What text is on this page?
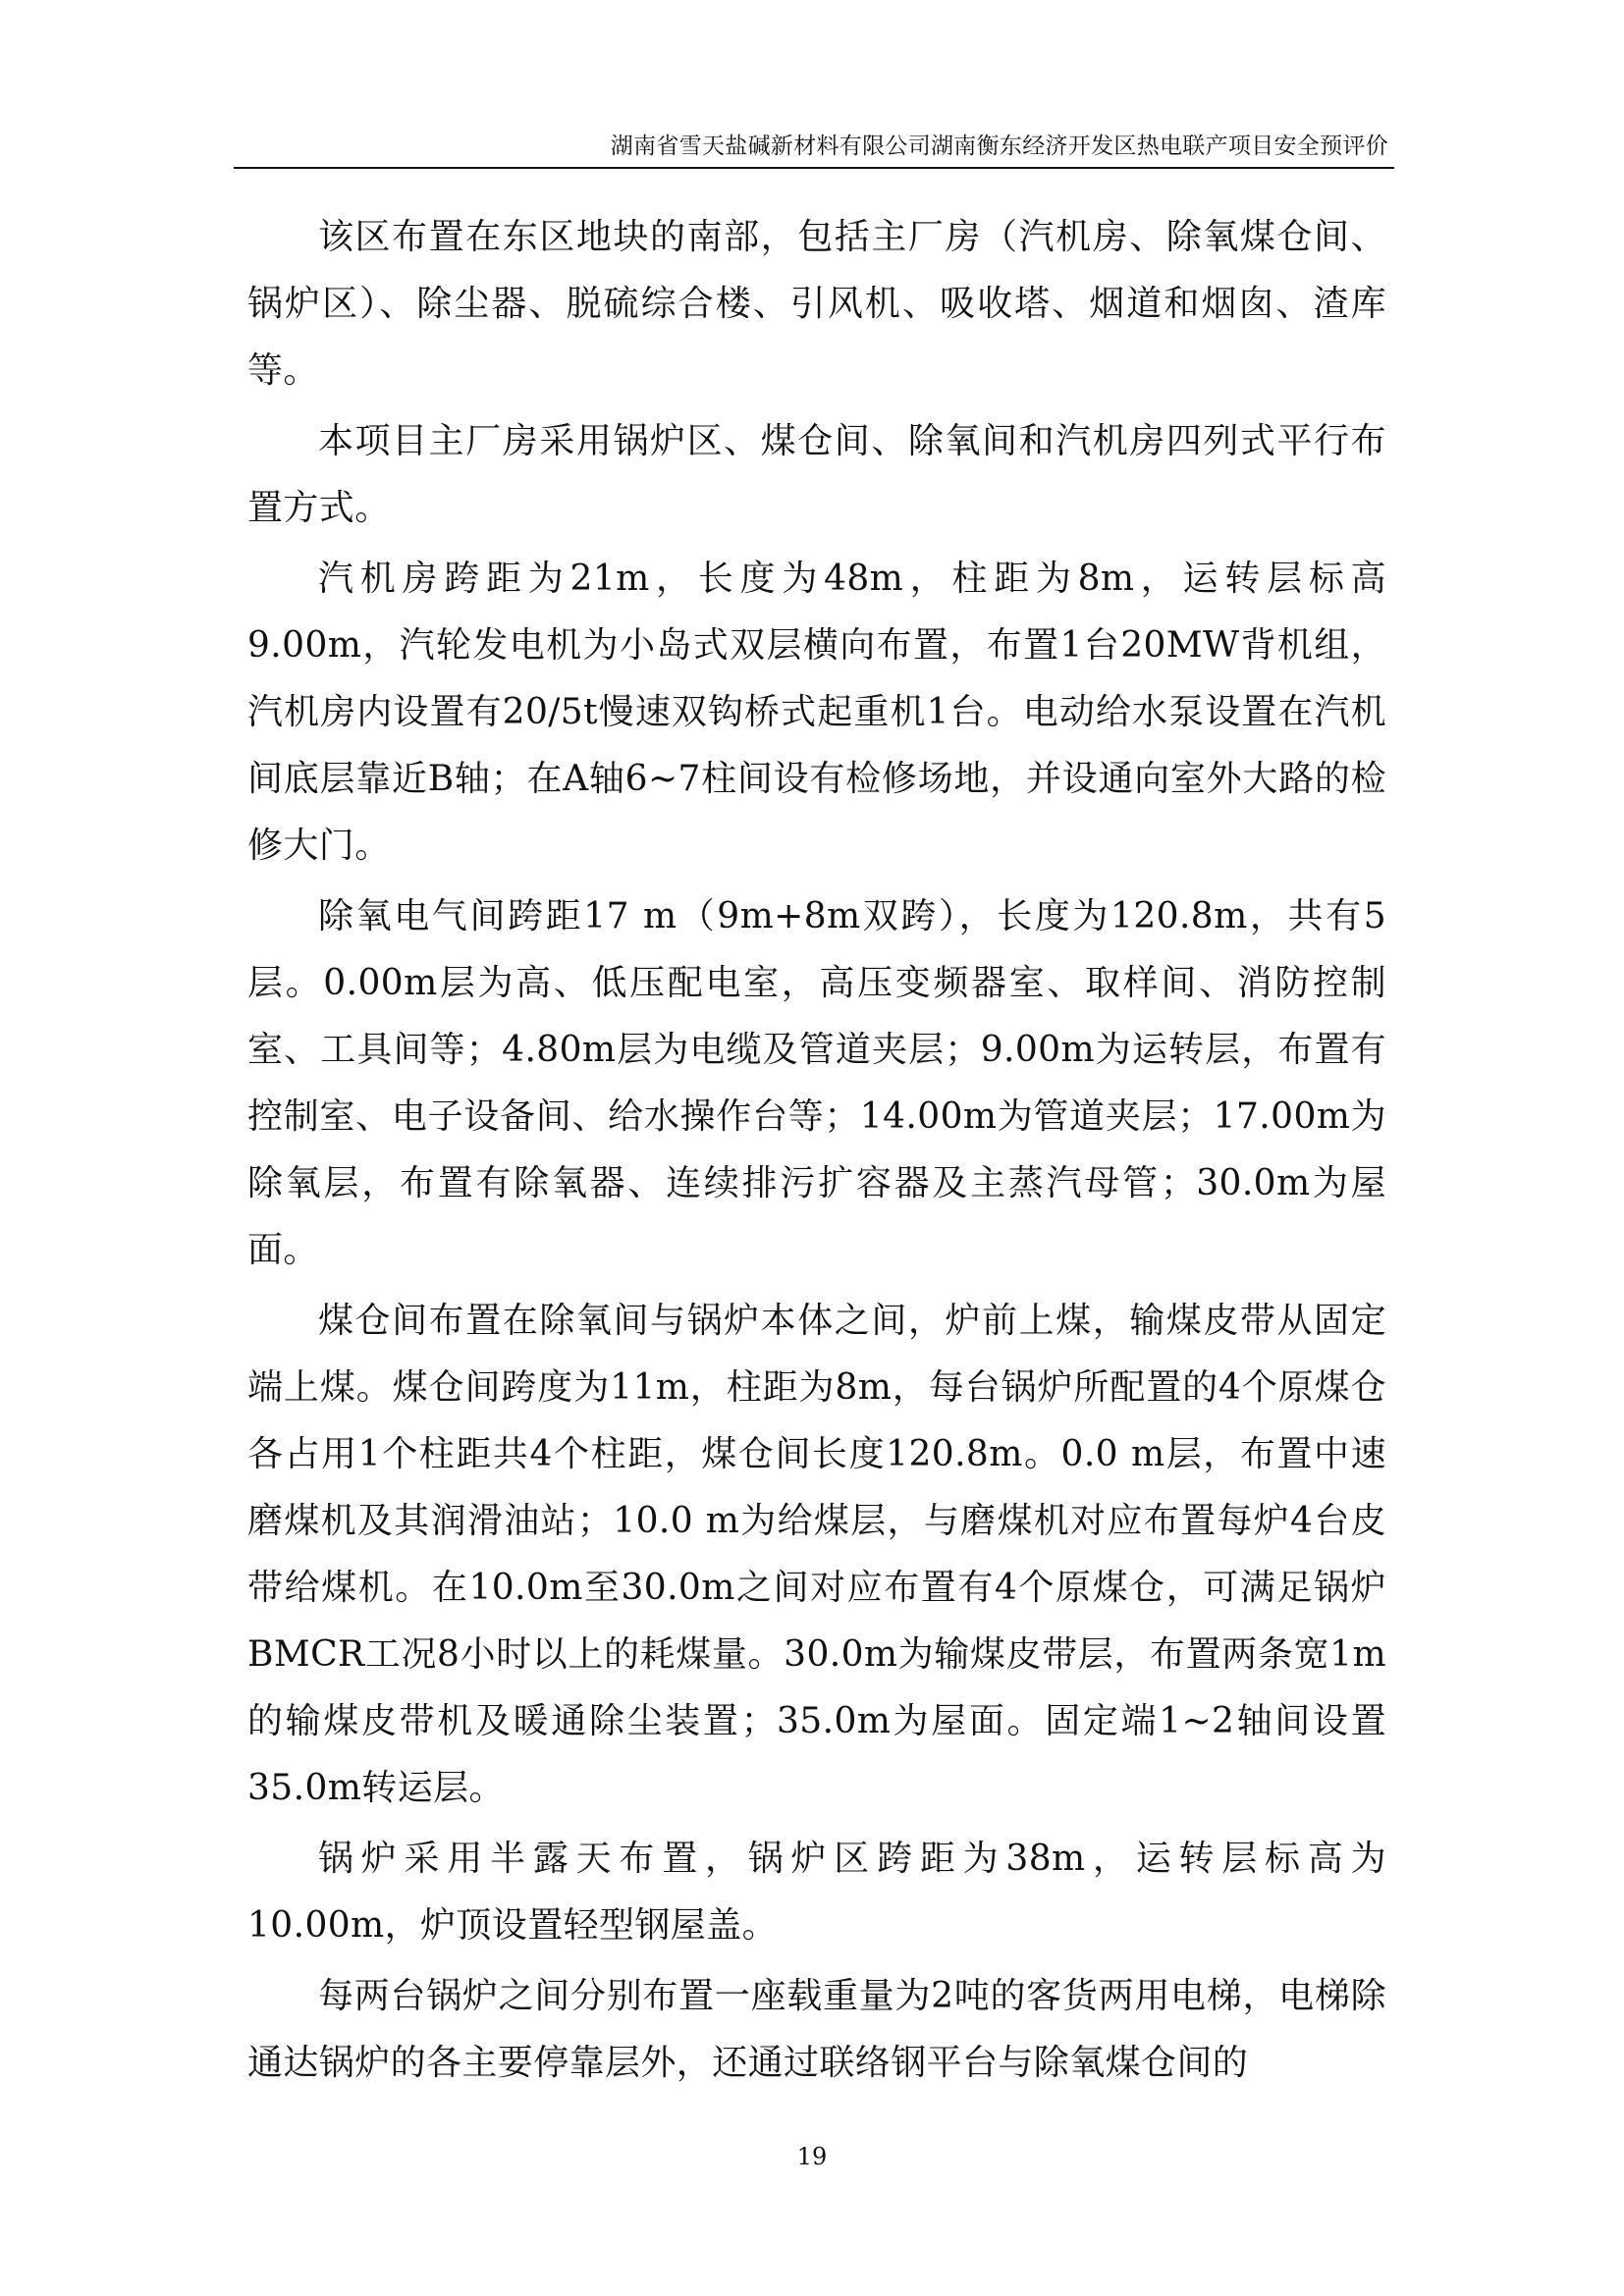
湖南省雪天盐碱新材料有限公司湖南衡东经济开发区热电联产项目安全预评价

该区布置在东区地块的南部，包括主厂房（汽机房、除氧煤仓间、锅炉区）、除尘器、脱硫综合楼、引风机、吸收塔、烟道和烟囱、渣库等。

本项目主厂房采用锅炉区、煤仓间、除氧间和汽机房四列式平行布置方式。

汽机房跨距为21m，长度为48m，柱距为8m，运转层标高9.00m，汽轮发电机为小岛式双层横向布置，布置1台20MW背机组，汽机房内设置有20/5t慢速双钩桥式起重机1台。电动给水泵设置在汽机间底层靠近B轴；在A轴6~7柱间设有检修场地，并设通向室外大路的检修大门。

除氧电气间跨距17 m（9m+8m双跨），长度为120.8m，共有5层。0.00m层为高、低压配电室，高压变频器室、取样间、消防控制室、工具间等；4.80m层为电缆及管道夹层；9.00m为运转层，布置有控制室、电子设备间、给水操作台等；14.00m为管道夹层；17.00m为除氧层，布置有除氧器、连续排污扩容器及主蒸汽母管；30.0m为屋面。

煤仓间布置在除氧间与锅炉本体之间，炉前上煤，输煤皮带从固定端上煤。煤仓间跨度为11m，柱距为8m，每台锅炉所配置的4个原煤仓各占用1个柱距共4个柱距，煤仓间长度120.8m。0.0 m层，布置中速磨煤机及其润滑油站；10.0 m为给煤层，与磨煤机对应布置每炉4台皮带给煤机。在10.0m至30.0m之间对应布置有4个原煤仓，可满足锅炉BMCR工况8小时以上的耗煤量。30.0m为输煤皮带层，布置两条宽1m的输煤皮带机及暖通除尘装置；35.0m为屋面。固定端1~2轴间设置35.0m转运层。

锅炉采用半露天布置，锅炉区跨距为38m，运转层标高为10.00m，炉顶设置轻型钢屋盖。

每两台锅炉之间分别布置一座载重量为2吨的客货两用电梯，电梯除通达锅炉的各主要停靠层外，还通过联络钢平台与除氧煤仓间的

19
